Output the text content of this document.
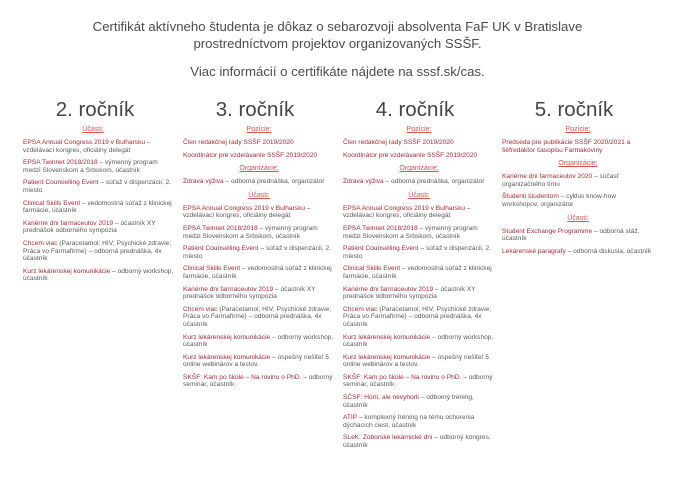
Certifikát aktívneho študenta je dôkaz o sebarozvoji absolventa FaF UK v Bratislave
prostredníctvom projektov organizovaných SSŠF.
Viac informácií o certifikáte nájdete na sssf.sk/cas.
2. ročník
Účasti:
EPSA Annual Congress 2019 v Bulharsku – vzdelávací kongres, oficiálny delegát
EPSA Twinnet 2018/2018 – výmenný program medzi Slovenskom a Srbskom, účastník
Patient Counselling Event – súťaž v dispenzácii, 2. miesto
Clinical Skills Event – vedomostná súťaž z klinickej farmácie, účastník
Kariérne dni farmaceutov 2019 – účastník XY prednášok odborného sympózia
Chcem viac (Paracetamol; HIV; Psychické zdravie; Práca vo Farmafirme) – odborná prednáška, 4x účastník
Kurz lekárenskej komunikácie – odborný workshop, účastník
3. ročník
Pozície:
Člen redakčnej rady SSŠF 2019/2020
Koordinátor pre vzdelávanie SSŠF 2019/2020
Organizácie:
Zdravá výživa – odborná prednáška, organizátor
Účasti:
EPSA Annual Congress 2019 v Bulharsku – vzdelávací kongres, oficiálny delegát
EPSA Twinnet 2018/2018 – výmenný program medzi Slovenskom a Srbskom, účastník
Patient Counselling Event – súťaž v dispenzácii, 2. miesto
Clinical Skills Event – vedomostná súťaž z klinickej farmácie, účastník
Kariérne dni farmaceutov 2019 – účastník XY prednášok odborného sympózia
Chcem viac (Paracetamol; HIV; Psychické zdravie; Práca vo Farmafirme) – odborná prednáška, 4x účastník
Kurz lekárenskej komunikácie – odborný workshop, účastník
Kurz lekárenskej komunikácie – úspešný riešiteľ 5 online webinárov a testov.
SKŠF: Kam po škole – Na rovinu o PhD. – odborný seminár, účastník
4. ročník
Pozície:
Člen redakčnej rady SSŠF 2019/2020
Koordinátor pre vzdelávanie SSŠF 2019/2020
Organizácie:
Zdravá výživa – odborná prednáška, organizátor
Účasti:
EPSA Annual Congress 2019 v Bulharsku – vzdelávací kongres, oficiálny delegát
EPSA Twinnet 2018/2018 – výmenný program medzi Slovenskom a Srbskom, účastník
Patient Counselling Event – súťaž v dispenzácii, 2. miesto
Clinical Skills Event – vedomostná súťaž z klinickej farmácie, účastník
Kariérne dni farmaceutov 2019 – účastník XY prednášok odborného sympózia
Chcem viac (Paracetamol; HIV; Psychické zdravie; Práca vo Farmafirme) – odborná prednáška, 4x účastník
Kurz lekárenskej komunikácie – odborný workshop, účastník
Kurz lekárenskej komunikácie – úspešný riešiteľ 5 online webinárov a testov.
SKŠF: Kam po škole – Na rovinu o PhD. – odborný seminár, účastník
SČSF: HorIi, ale nevyhorli – odborný tréning, účastník
ATIP – komplexný tréning na tému ochorenia dýchacích ciest, účastník
SLeK: Zoborské lekárnické dni – odborný kongres, účastník
5. ročník
Pozície:
Predseda pre publikácie SSŠF 2020/2021 a šéfredaktor časopisu Farmakoviny
Organizácie:
Kariérne dni farmaceutov 2020 – súčasť organizačného tímu
Študenti študentom – cyklus know-how workshopov, organizátor
Účasti:
Student Exchange Programme – odborná stáž, účastník
Lekárenské paragrafy – odborná diskusia, účastník
